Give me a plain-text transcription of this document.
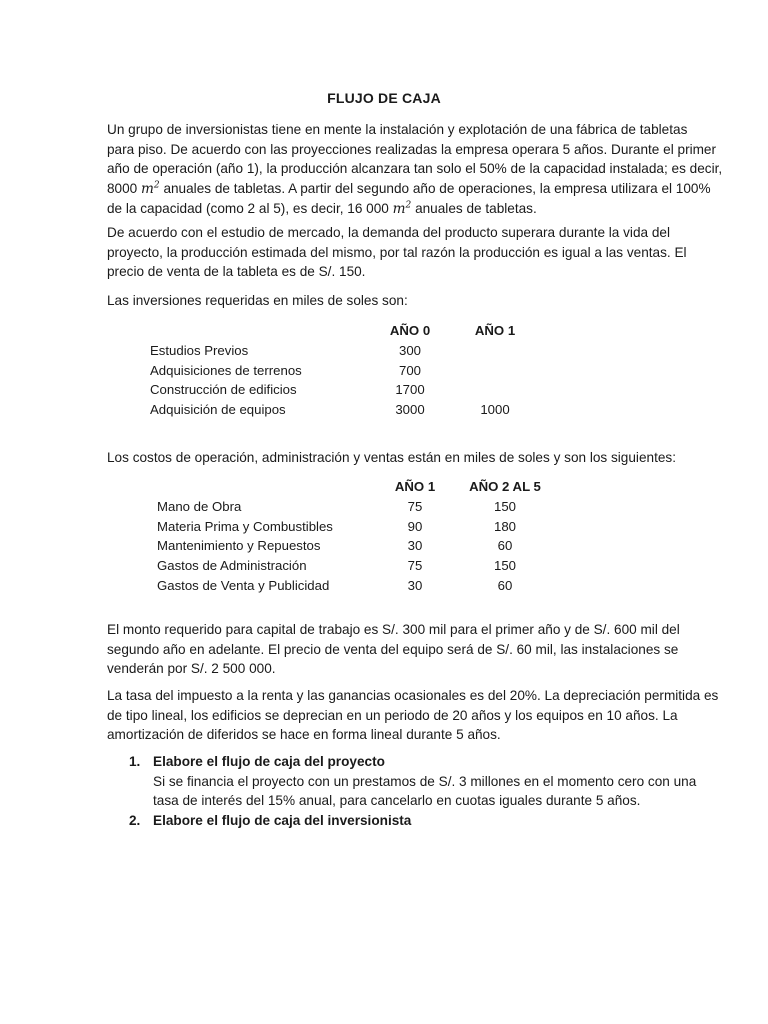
FLUJO DE CAJA
Un grupo de inversionistas tiene en mente la instalación y explotación de una fábrica de tabletas
para piso. De acuerdo con las proyecciones realizadas la empresa operara 5 años. Durante el primer
año de operación (año 1), la producción alcanzara tan solo el 50% de la capacidad instalada; es decir,
8000 $m^2$ anuales de tabletas. A partir del segundo año de operaciones, la empresa utilizara el 100%
de la capacidad (como 2 al 5), es decir, 16 000 $m^2$ anuales de tabletas.
De acuerdo con el estudio de mercado, la demanda del producto superara durante la vida del
proyecto, la producción estimada del mismo, por tal razón la producción es igual a las ventas. El
precio de venta de la tableta es de S/. 150.
Las inversiones requeridas en miles de soles son:
	AÑO 0	AÑO 1
Estudios Previos	300	
Adquisiciones de terrenos	700	
Construcción de edificios	1700	
Adquisición de equipos	3000	1000
Los costos de operación, administración y ventas están en miles de soles y son los siguientes:
	AÑO 1	AÑO 2 AL 5
Mano de Obra	75	150
Materia Prima y Combustibles	90	180
Mantenimiento y Repuestos	30	60
Gastos de Administración	75	150
Gastos de Venta y Publicidad	30	60
El monto requerido para capital de trabajo es S/. 300 mil para el primer año y de S/. 600 mil del
segundo año en adelante. El precio de venta del equipo será de S/. 60 mil, las instalaciones se
venderán por S/. 2 500 000.
La tasa del impuesto a la renta y las ganancias ocasionales es del 20%. La depreciación permitida es
de tipo lineal, los edificios se deprecian en un periodo de 20 años y los equipos en 10 años. La
amortización de diferidos se hace en forma lineal durante 5 años.
1. Elabore el flujo de caja del proyecto
Si se financia el proyecto con un prestamos de S/. 3 millones en el momento cero con una
tasa de interés del 15% anual, para cancelarlo en cuotas iguales durante 5 años.
2. Elabore el flujo de caja del inversionista
